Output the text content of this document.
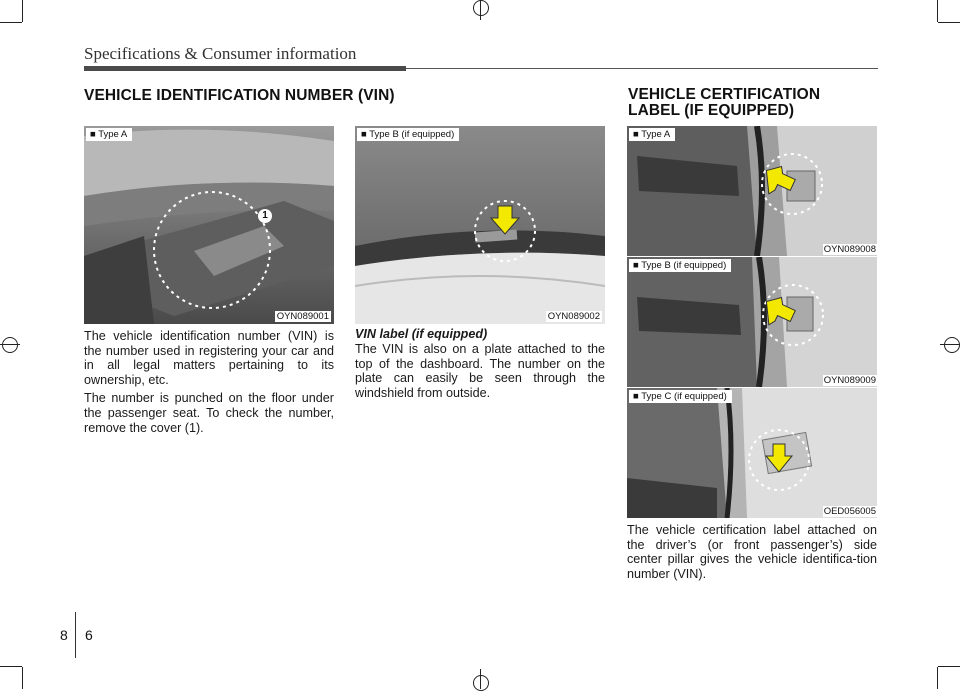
Specifications & Consumer information
VEHICLE IDENTIFICATION NUMBER (VIN)
■ Type A
1
OYN089001
■ Type B (if equipped)
OYN089002

The vehicle identification number (VIN) is the number used in registering your car and in all legal matters pertaining to its ownership, etc.

The number is punched on the floor under the passenger seat. To check the number, remove the cover (1).

VIN label (if equipped)

The VIN is also on a plate attached to the top of the dashboard. The number on the plate can easily be seen through the windshield from outside.

VEHICLE CERTIFICATION
LABEL (IF EQUIPPED)
■ Type A
OYN089008
■ Type B (if equipped)
OYN089009
■ Type C (if equipped)
OED056005

The vehicle certification label attached on the driver’s (or front passenger’s) side center pillar gives the vehicle identifica-tion number (VIN).

8 6
